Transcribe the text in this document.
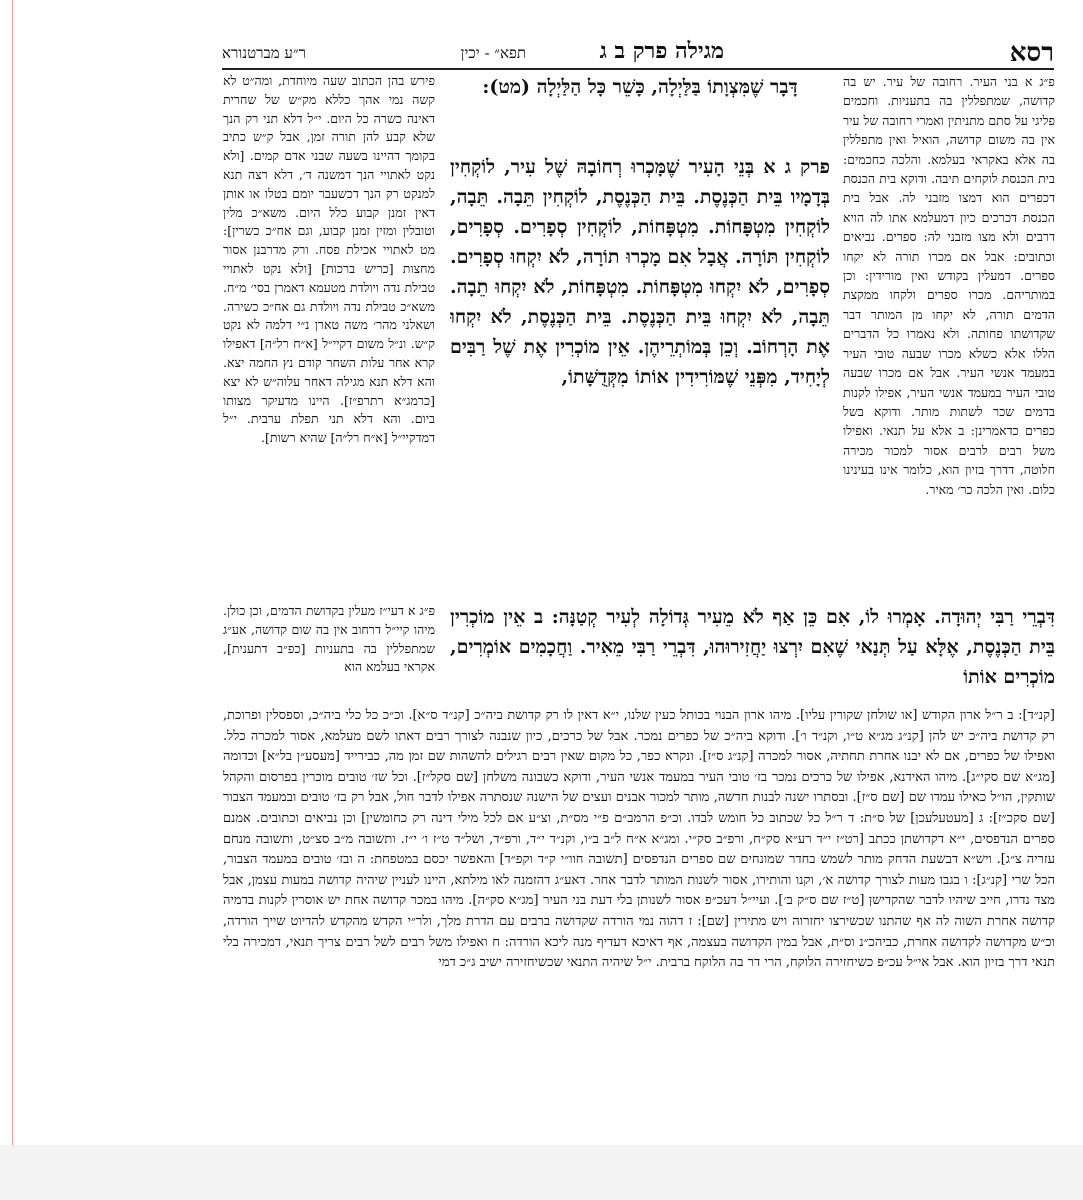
רסא
מגילה פרק ב ג
תפא״ - יכין
ר״ע מברטנורא
פ״ג א בני העיר. רחובה של עיר. יש בה קדושה, שמתפללין בה בתעניות. וחכמים פליגי על סתם מתניתין ואמרי רחובה של עיר אין בה משום קדושה, הואיל ואין מתפללין בה אלא באקראי בעלמא. והלכה כחכמים: בית הכנסת לוקחים תיבה. ודוקא בית הכנסת דכפרים הוא דמצו מזבני לה. אבל בית הכנסת דכרכים כיון דמעלמא אתו לה הויא דרבים ולא מצו מזבני לה: ספרים. נביאים וכתובים: אבל אם מכרו תורה לא יקחו ספרים. דמעלין בקודש ואין מורידין: וכן במותריהם. מכרו ספרים ולקחו ממקצת הדמים תורה, לא יקחו מן המותר דבר שקדושתו פחותה. ולא נאמרו כל הדברים הללו אלא כשלא מכרו שבעה טובי העיר במעמד אנשי העיר. אבל אם מכרו שבעה טובי העיר במעמד אנשי העיר, אפילו לקנות בדמים שכר לשתות מותר. ודוקא בשל כפרים כדאמרינן: ב אלא על תנאי. ואפילו משל רבים לרבים אסור למכור מכירה חלוטה, דדרך בזיון הוא, כלומר אינו בעינינו כלום. ואין הלכה כר׳ מאיר.
דָּבָר שֶׁמִּצְוָתוֹ בַּלַּיְלָה, כָּשֵׁר כָּל הַלַּיְלָה (מט):
פרק ג א בְּנֵי הָעִיר שֶׁמָּכְרוּ רְחוֹבָהּ שֶׁל עִיר, לוֹקְחִין בְּדָמָיו בֵּית הַכְּנֶסֶת. בֵּית הַכְּנֶסֶת, לוֹקְחִין תֵּבָה. תֵּבָה, לוֹקְחִין מִטְפָּחוֹת. מִטְפָּחוֹת, לוֹקְחִין סְפָרִים. סְפָרִים, לוֹקְחִין תּוֹרָה. אֲבָל אִם מָכְרוּ תוֹרָה, לֹא יִקְחוּ סְפָרִים. סְפָרִים, לֹא יִקְחוּ מִטְפָּחוֹת. מִטְפָּחוֹת, לֹא יִקְחוּ תֵבָה. תֵּבָה, לֹא יִקְחוּ בֵּית הַכְּנֶסֶת. בֵּית הַכְּנֶסֶת, לֹא יִקְחוּ אֶת הָרְחוֹב. וְכֵן בְּמוֹתְרֵיהֶן. אֵין מוֹכְרִין אֶת שֶׁל רַבִּים לְיָחִיד, מִפְּנֵי שֶׁמּוֹרִידִין אוֹתוֹ מִקְּדֻשָּׁתוֹ,
פירש בהן הכתוב שעה מיוחדת, ומה״ט לא קשה נמי אהך כללא מק״ש של שחרית דאינה כשרה כל היום. י״ל דלא תני רק הנך שלא קבע להן תורה זמן, אבל ק״ש כתיב בקומך דהיינו בשעה שבני אדם קמים. [ולא נקט לאתויי הנך דמשנה ד׳, דלא רצה תנא למנקט רק הנך דכשעבר יומם בטלו או אותן דאין זמנן קבוע כלל היום. משא״כ מלין וטובלין ומזין זמנן קבוע, וגם אח״כ כשרין]: מט לאתויי אכילת פסח. ורק מדרבנן אסור מחצות [כריש ברכות] [ולא נקט לאתויי טבילת נדה ויולדת מטעמא דאמרן בסי׳ מ״ח. משא״כ טבילת נדה ויולדת גם אח״כ כשירה. ושאלני מהר׳ משה טארן נ״י דלמה לא נקט ק״ש. ונ״ל משום דקיי״ל [א״ח רל״ה] דאפילו קרא אחר עלות השחר קודם נץ החמה יצא. והא דלא תנא מגילה דאחר עלוה״ש לא יצא [כרמג״א רתרפ״ז]. היינו מדעיקר מצותו ביום. והא דלא תני תפלת ערבית. י״ל דמדקיי״ל [א״ח רל״ה] שהיא רשות].
פ״ג א דעי״ז מעלין בקדושת הדמים, וכן כולן. מיהו קיי״ל דרחוב אין בה שום קדושה, אע״ג שמתפללין בה בתעניות [כפ״ב דתענית], אקראי בעלמא הוא
דִּבְרֵי רַבִּי יְהוּדָה. אָמְרוּ לוֹ, אִם כֵּן אַף לֹא מֵעִיר גְּדוֹלָה לְעִיר קְטַנָּה: ב אֵין מוֹכְרִין בֵּית הַכְּנֶסֶת, אֶלָּא עַל תְּנַאי שֶׁאִם יִרְצוּ יַחֲזִירוּהוּ, דִּבְרֵי רַבִּי מֵאִיר. וַחֲכָמִים אוֹמְרִים, מוֹכְרִים אוֹתוֹ
[קנ״ד]: ב ר״ל ארון הקודש [או שולחן שקורין עליו]. מיהו ארון הבנוי בכותל כעין שלנו, י״א דאין לו רק קדושת ביה״כ [קנ״ד ס״א]. וכ״כ כל כלי ביה״כ, וספסלין ופרוכת, רק קדושת ביה״כ יש להן [קנ״ג מג״א ט״ו, וקנ״ד ו׳]. ודוקא ביה״כ של כפרים נמכר. אבל של כרכים, כיון שנבנה לצורך רבים דאתו לשם מעלמא, אסור למכרה כלל. ואפילו של כפרים, אם לא יבנו אחרת תחתיה, אסור למכרה [קנ״ג ס״ז]. ונקרא כפר, כל מקום שאין רבים רגילים להשהות שם זמן מה, כבירייד [מעסע״ן בל״א] וכדומה [מג״א שם סקי״ג]. מיהו האידנא, אפילו של כרכים נמכר בז׳ טובי העיר במעמד אנשי העיר, ודוקא כשבונה משלחן [שם סקל״ז]. וכל שז׳ טובים מוכרין בפרסום והקהל שותקין, הו״ל כאילו עמדו שם [שם ס״ז]. ובסתרו ישנה לבנות חדשה, מותר למכור אבנים ועצים של הישנה שנסתרה אפילו לדבר חול, אבל רק בז׳ טובים ובמעמד הצבור [שם סקכ״ז]: ג [מעטעלעכן] של ס״ת: ד ר״ל כל שכתוב כל חומש לבדו. וכ״פ הרמב״ם פ״י מס״ת, וצ״ע אם לכל מילי דינה רק כחומשין] וכן נביאים וכתובים. אמנם ספרים הנדפסים, י״א דקדושתן ככתב [רט״ז י״ד רע״א סק״ח, ורפ״ב סק״י. ומג״א א״ח ל״ב ב״ו, וקנ״ד י״ד, ורפ״ד, ושל״ד ט״ז ו׳ י״ז. ותשובה מ״ב סצ״ט, ותשובה מנחם עזריה צ״ג]. ויש״א דבשעת הדחק מותר לשמש בחדר שמונחים שם ספרים הנדפסים [תשובה חוו״י ק״ד וקפ״ד] והאפשר יכסם במטפחת: ה ובז׳ טובים במעמד הצבור, הכל שרי [קנ״ג]: ו בגבו מעות לצורך קדושה א׳, וקנו והותירו, אסור לשנות המותר לדבר אחר. דאע״ג דהזמנה לאו מילתא, היינו לעניין שיהיה קדושה במעות עצמן, אבל מצד נדרו, חייב שיהיו לדבר שהקדישן [ט״ז שם ס״ק ב׳]. ועיי״ל דעכ״פ אסור לשנותן בלי דעת בני העיר [מג״א סק״ה]. מיהו במכר קדושה אחת יש אוסרין לקנות בדמיה קדושה אחרת השוה לה אף שהתנו שכשירצו יחזרוה ויש מתירין [שם]: ז דהוה נמי הורדה שקדושה ברבים עם הדרת מלך, ולר״י הקדש מהקדש להדיוט שייך הורדה, וכ״ש מקדושה לקדושה אחרת, כביהכ״נ וס״ת, אבל במין הקדושה בעצמה, אף דאיכא דעדיף מנה ליכא הורדה: ח ואפילו משל רבים לשל רבים צריך תנאי, דמכירה בלי תנאי דרך בזיון הוא. אבל אי״ל עכ״פ כשיחזירה הלוקח, הרי דר בה הלוקח ברבית. י״ל שיהיה התנאי שכשיחזירה ישיב ג״כ דמי
